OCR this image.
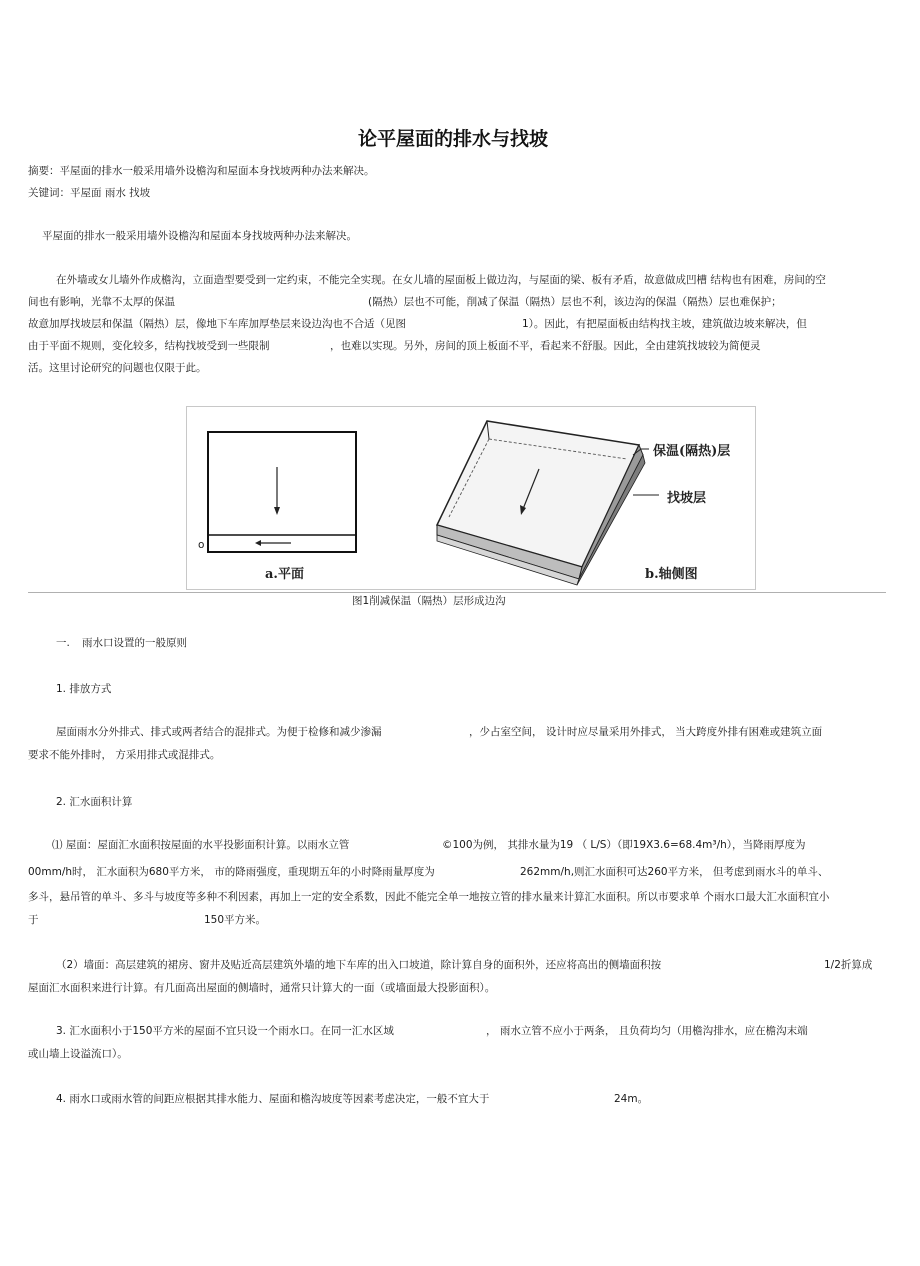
论平屋面的排水与找坡
摘要：平屋面的排水一般采用墙外设檐沟和屋面本身找坡两种办法来解决。
关键词：平屋面 雨水 找坡
平屋面的排水一般采用墙外设檐沟和屋面本身找坡两种办法来解决。
在外墙或女儿墙外作成檐沟，立面造型要受到一定约束，不能完全实现。在女儿墙的屋面板上做边沟，与屋面的梁、板有矛盾，故意做成凹槽 结构也有困难，房间的空
间也有影响，光靠不太厚的保温	(隔热）层也不可能，削减了保温（隔热）层也不利，该边沟的保温（隔热）层也难保护；
故意加厚找坡层和保温（隔热）层，像地下车库加厚垫层来设边沟也不合适（见图	1）。因此，有把屋面板由结构找主坡，建筑做边坡来解决，但
由于平面不规则，变化较多，结构找坡受到一些限制	，也难以实现。另外，房间的顶上板面不平，看起来不舒服。因此，全由建筑找坡较为简便灵
活。这里讨论研究的问题也仅限于此。
a.平面
o
b.轴侧图
保温(隔热)层
找坡层
图1削减保温（隔热）层形成边沟
一. 雨水口设置的一般原则
1. 排放方式
屋面雨水分外排式、排式或两者结合的混排式。为便于检修和减少渗漏	，少占室空间， 设计时应尽量采用外排式， 当大跨度外排有困难或建筑立面
要求不能外排时， 方采用排式或混排式。
2. 汇水面积计算
⑴ 屋面：屋面汇水面积按屋面的水平投影面积计算。以雨水立管	©100为例， 其排水量为19 （ L/S）（即19X3.6=68.4m³/h），当降雨厚度为
00mm/h时， 汇水面积为680平方米， 市的降雨强度，重现期五年的小时降雨量厚度为	262mm/h,则汇水面积可达260平方米， 但考虑到雨水斗的单斗、
多斗，悬吊管的单斗、多斗与坡度等多种不利因素，再加上一定的安全系数，因此不能完全单一地按立管的排水量来计算汇水面积。所以市要求单 个雨水口最大汇水面积宜小
于	150平方米。
（2）墙面：高层建筑的裙房、窗井及贴近高层建筑外墙的地下车库的出入口坡道，除计算自身的面积外，还应将高出的侧墙面积按	1/2折算成
屋面汇水面积来进行计算。有几面高出屋面的侧墙时，通常只计算大的一面（或墙面最大投影面积）。
3. 汇水面积小于150平方米的屋面不宜只设一个雨水口。在同一汇水区域	， 雨水立管不应小于两条， 且负荷均匀（用檐沟排水，应在檐沟末端
或山墙上设溢流口）。
4. 雨水口或雨水管的间距应根据其排水能力、屋面和檐沟坡度等因素考虑决定，一般不宜大于	24m。
